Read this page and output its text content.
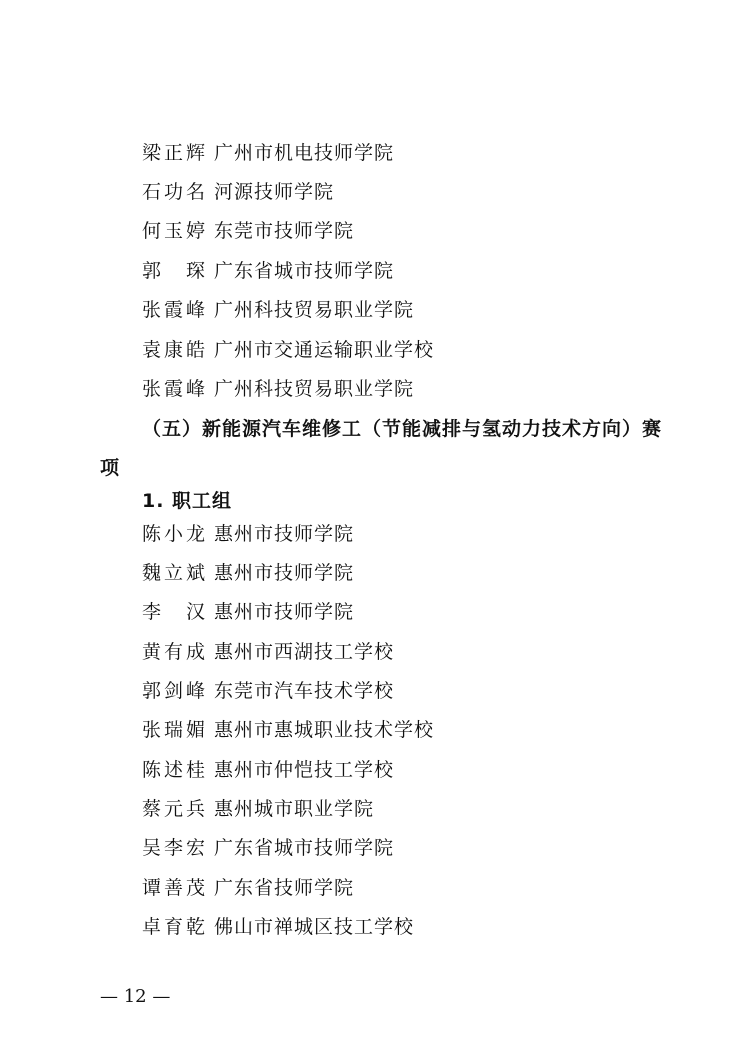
梁正辉 广州市机电技师学院
石功名 河源技师学院
何玉婷 东莞市技师学院
郭　琛 广东省城市技师学院
张霞峰 广州科技贸易职业学院
袁康皓 广州市交通运输职业学校
张霞峰 广州科技贸易职业学院
（五）新能源汽车维修工（节能减排与氢动力技术方向）赛
项
1. 职工组
陈小龙 惠州市技师学院
魏立斌 惠州市技师学院
李　汉 惠州市技师学院
黄有成 惠州市西湖技工学校
郭剑峰 东莞市汽车技术学校
张瑞媚 惠州市惠城职业技术学校
陈述桂 惠州市仲恺技工学校
蔡元兵 惠州城市职业学院
吴李宏 广东省城市技师学院
谭善茂 广东省技师学院
卓育乾 佛山市禅城区技工学校
— 12 —
